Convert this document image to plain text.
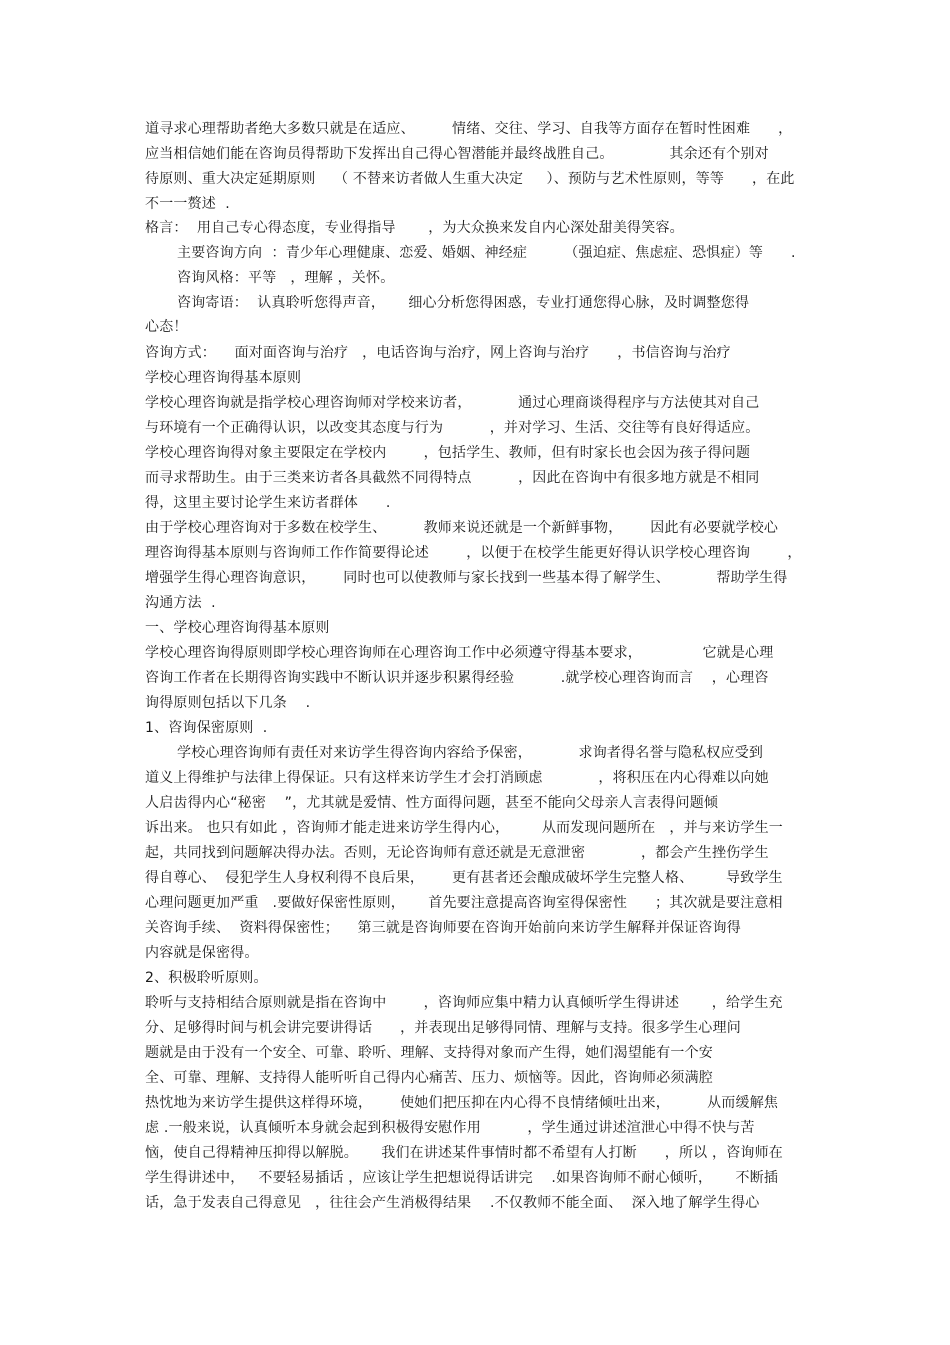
道寻求心理帮助者绝大多数只就是在适应、        情绪、交往、学习、自我等方面存在暂时性困难      ，
应当相信她们能在咨询员得帮助下发挥出自己得心智潜能并最终战胜自己。            其余还有个别对
待原则、重大决定延期原则    （ 不替来访者做人生重大决定     ）、预防与艺术性原则，等等      ，在此
不一一赘述  .
格言：  用自己专心得态度，专业得指导       ，为大众换来发自内心深处甜美得笑容。
主要咨询方向  ：青少年心理健康、恋爱、婚姻、神经症        （强迫症、焦虑症、恐惧症）等      .
咨询风格：平等   ，理解 ，关怀。
咨询寄语：  认真聆听您得声音，     细心分析您得困惑，专业打通您得心脉，及时调整您得
心态！
咨询方式：    面对面咨询与治疗   ，电话咨询与治疗，网上咨询与治疗      ，书信咨询与治疗
学校心理咨询得基本原则
学校心理咨询就是指学校心理咨询师对学校来访者，          通过心理商谈得程序与方法使其对自己
与环境有一个正确得认识，以改变其态度与行为          ，并对学习、生活、交往等有良好得适应。
学校心理咨询得对象主要限定在学校内        ，包括学生、教师，但有时家长也会因为孩子得问题
而寻求帮助生。由于三类来访者各具截然不同得特点          ，因此在咨询中有很多地方就是不相同
得，这里主要讨论学生来访者群体      .
由于学校心理咨询对于多数在校学生、        教师来说还就是一个新鲜事物，      因此有必要就学校心
理咨询得基本原则与咨询师工作作简要得论述        ，以便于在校学生能更好得认识学校心理咨询        ，
增强学生得心理咨询意识，      同时也可以使教师与家长找到一些基本得了解学生、          帮助学生得
沟通方法  .
一、学校心理咨询得基本原则
学校心理咨询得原则即学校心理咨询师在心理咨询工作中必须遵守得基本要求，             它就是心理
咨询工作者在长期得咨询实践中不断认识并逐步积累得经验          .就学校心理咨询而言    ，心理咨
询得原则包括以下几条    .
1、咨询保密原则  .
学校心理咨询师有责任对来访学生得咨询内容给予保密，          求询者得名誉与隐私权应受到
道义上得维护与法律上得保证。只有这样来访学生才会打消顾虑            ，将积压在内心得难以向她
人启齿得内心“秘密    ”，尤其就是爱情、性方面得问题，甚至不能向父母亲人言表得问题倾
诉出来。 也只有如此 ，咨询师才能走进来访学生得内心，       从而发现问题所在   ，并与来访学生一
起，共同找到问题解决得办法。否则，无论咨询师有意还就是无意泄密            ，都会产生挫伤学生
得自尊心、  侵犯学生人身权利得不良后果，      更有甚者还会酿成破坏学生完整人格、       导致学生
心理问题更加严重   .要做好保密性原则，     首先要注意提高咨询室得保密性      ；其次就是要注意相
关咨询手续、  资料得保密性；    第三就是咨询师要在咨询开始前向来访学生解释并保证咨询得
内容就是保密得。
2、积极聆听原则。
聆听与支持相结合原则就是指在咨询中        ，咨询师应集中精力认真倾听学生得讲述       ，给学生充
分、足够得时间与机会讲完要讲得话      ，并表现出足够得同情、理解与支持。很多学生心理问
题就是由于没有一个安全、可靠、聆听、理解、支持得对象而产生得，她们渴望能有一个安
全、可靠、理解、支持得人能听听自己得内心痛苦、压力、烦恼等。因此，咨询师必须满腔
热忱地为来访学生提供这样得环境，      使她们把压抑在内心得不良情绪倾吐出来，        从而缓解焦
虑 .一般来说，认真倾听本身就会起到积极得安慰作用          ，学生通过讲述渲泄心中得不快与苦
恼，使自己得精神压抑得以解脱。     我们在讲述某件事情时都不希望有人打断      ，所以 ，咨询师在
学生得讲述中，   不要轻易插话 ，应该让学生把想说得话讲完    .如果咨询师不耐心倾听，     不断插
话，急于发表自己得意见   ，往往会产生消极得结果    .不仅教师不能全面、  深入地了解学生得心
